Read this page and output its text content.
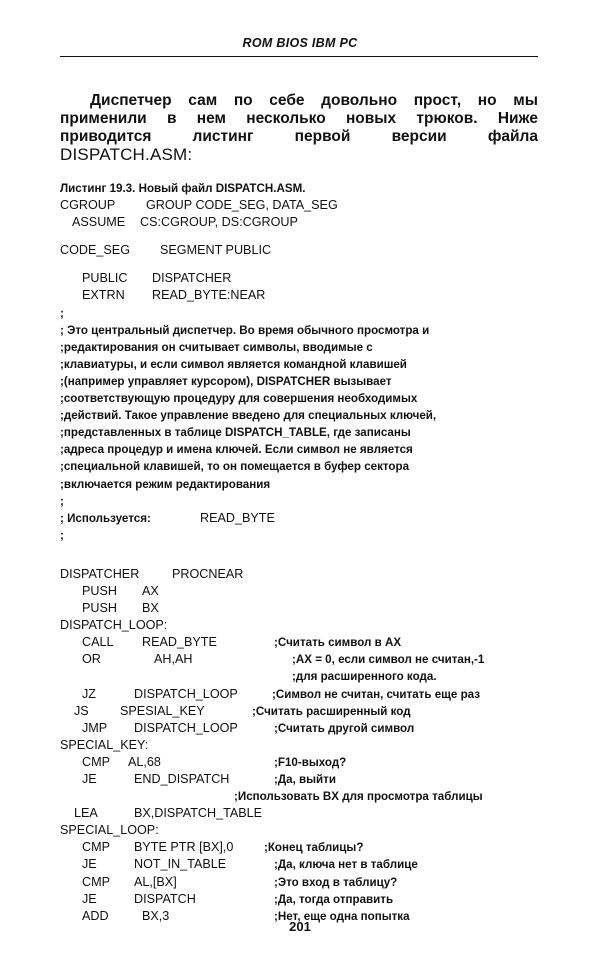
ROM BIOS IBM PC
Диспетчер сам по себе довольно прост, но мы
применили в нем несколько новых трюков. Ниже
приводится	листинг	первой	версии	файла
DISPATCH.ASM:
Листинг 19.3. Новый файл DISPATCH.ASM.
CGROUP GROUP CODE_SEG, DATA_SEG
ASSUME CS:CGROUP, DS:CGROUP
CODE_SEG SEGMENT PUBLIC
PUBLIC DISPATCHER
EXTRN READ_BYTE:NEAR
;
; Это центральный диспетчер. Во время обычного просмотра и
;редактирования он считывает символы, вводимые с
;клавиатуры, и если символ является командной клавишей
;(например управляет курсором), DISPATCHER вызывает
;соответствующую процедуру для совершения необходимых
;действий. Такое управление введено для специальных ключей,
;представленных в таблице DISPATCH_TABLE, где записаны
;адреса процедур и имена ключей. Если символ не является
;специальной клавишей, то он помещается в буфер сектора
;включается режим редактирования
;
; Используется:	READ_BYTE
;
DISPATCHER	PROCNEAR
PUSH AX
PUSH BX
DISPATCH_LOOP:
CALL READ_BYTE	;Считать символ в AX
OR	AH,AH	;AX = 0, если символ не считан,-1
;для расширенного кода.
JZ	DISPATCH_LOOP	;Символ не считан, считать еще раз
JS SPESIAL_KEY	;Считать расширенный код
JMP DISPATCH_LOOP	;Считать другой символ
SPECIAL_KEY:
CMP AL,68	;F10-выход?
JE	END_DISPATCH	;Да, выйти
;Использовать BX для просмотра таблицы
LEA	BX,DISPATCH_TABLE
SPECIAL_LOOP:
CMP BYTE PTR [BX],0	;Конец таблицы?
JE	NOT_IN_TABLE	;Да, ключа нет в таблице
CMP AL,[BX]	;Это вход в таблицу?
JE	DISPATCH	;Да, тогда отправить
ADD	BX,3	;Нет, еще одна попытка
201
